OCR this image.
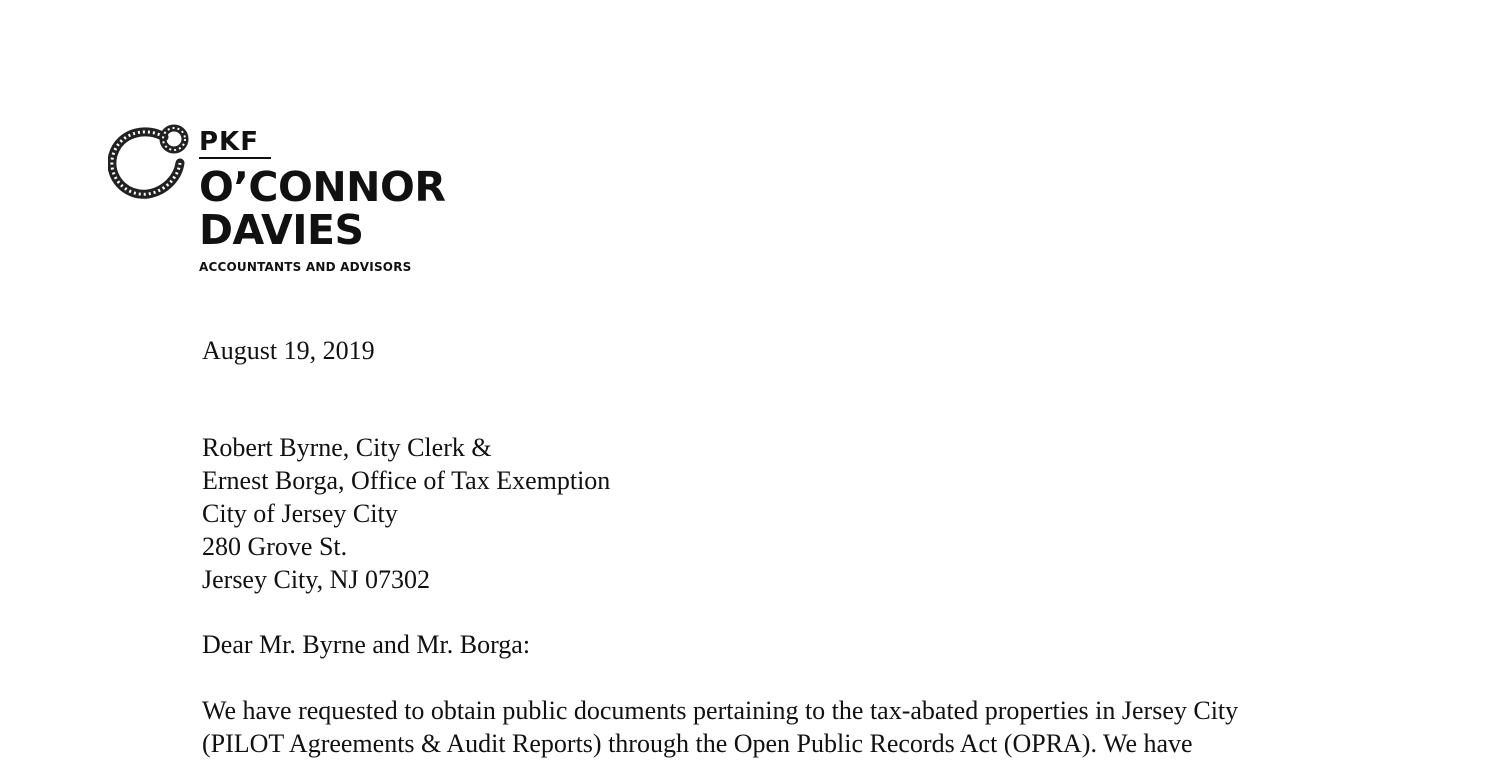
PKF
O’CONNOR
DAVIES
ACCOUNTANTS AND ADVISORS
August 19, 2019
Robert Byrne, City Clerk &
Ernest Borga, Office of Tax Exemption
City of Jersey City
280 Grove St.
Jersey City, NJ 07302
Dear Mr. Byrne and Mr. Borga:
We have requested to obtain public documents pertaining to the tax-abated properties in Jersey City
(PILOT Agreements & Audit Reports) through the Open Public Records Act (OPRA). We have
